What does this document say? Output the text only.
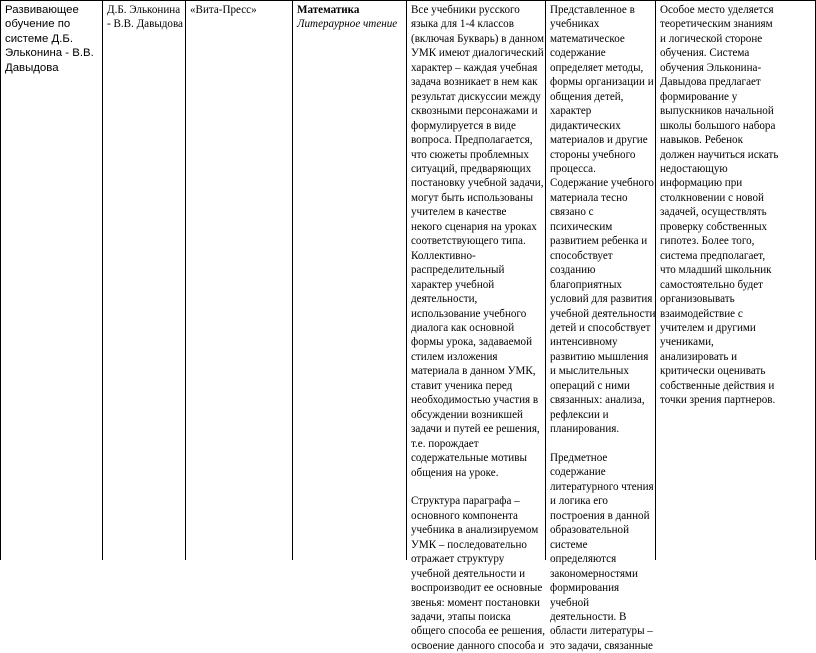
Развивающее
обучение по
системе Д.Б.
Эльконина - В.В.
Давыдова
Д.Б. Эльконина
- В.В. Давыдова
«Вита-Пресс»	Математика
Литераурное чтение
Все учебники русского
языка для 1-4 классов
(включая Букварь) в данном
УМК имеют диалогический
характер – каждая учебная
задача возникает в нем как
результат дискуссии между
сквозными персонажами и
формулируется в виде
вопроса. Предполагается,
что сюжеты проблемных
ситуаций, предваряющих
постановку учебной задачи,
могут быть использованы
учителем в качестве
некого сценария на уроках
соответствующего типа.
Коллективно-
распределительный
характер учебной
деятельности,
использование учебного
диалога как основной
формы урока, задаваемой
стилем изложения
материала в данном УМК,
ставит ученика перед
необходимостью участия в
обсуждении возникшей
задачи и путей ее решения,
т.е. порождает
содержательные мотивы
общения на уроке.
Структура параграфа –
основного компонента
учебника в анализируемом
УМК – последовательно
отражает структуру
учебной деятельности и
воспроизводит ее основные
звенья: момент постановки
задачи, этапы поиска
общего способа ее решения,
освоение данного способа и
Представленное в
учебниках
математическое
содержание
определяет методы,
формы организации и
общения детей,
характер
дидактических
материалов и другие
стороны учебного
процесса.
Содержание учебного
материала тесно
связано с
психическим
развитием ребенка и
способствует
созданию
благоприятных
условий для развития
учебной деятельности
детей и способствует
интенсивному
развитию мышления
и мыслительных
операций с ними
связанных: анализа,
рефлексии и
планирования.
Предметное
содержание
литературного чтения
и логика его
построения в данной
образовательной
системе
определяются
закономерностями
формирования
учебной
деятельности. В
области литературы –
это задачи, связанные
Особое место уделяется
теоретическим знаниям
и логической стороне
обучения. Система
обучения Эльконина-
Давыдова предлагает
формирование у
выпускников начальной
школы большого набора
навыков. Ребенок
должен научиться искать
недостающую
информацию при
столкновении с новой
задачей, осуществлять
проверку собственных
гипотез. Более того,
система предполагает,
что младший школьник
самостоятельно будет
организовывать
взаимодействие с
учителем и другими
учениками,
анализировать и
критически оценивать
собственные действия и
точки зрения партнеров.
